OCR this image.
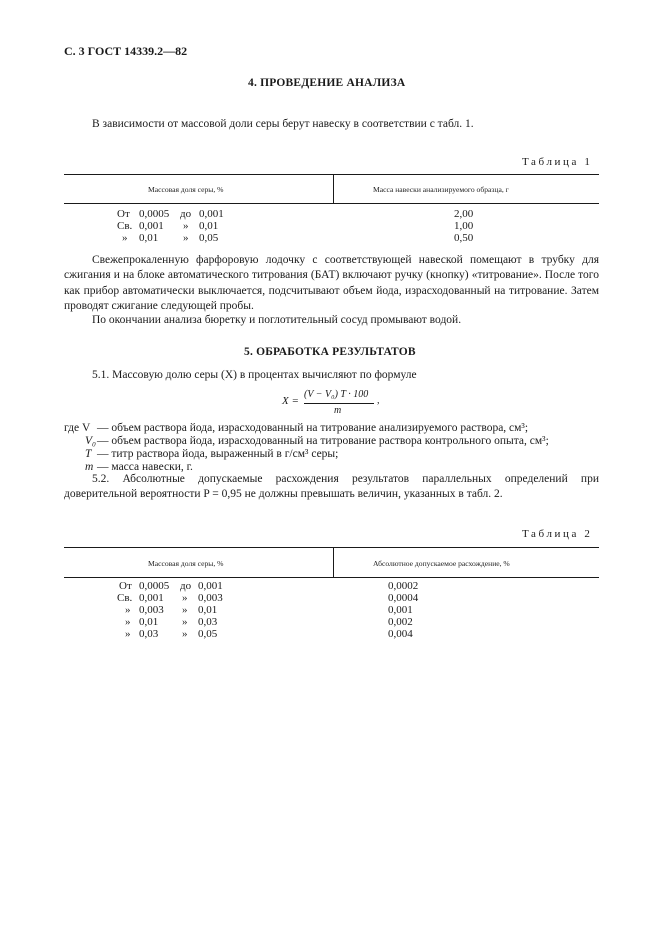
С. 3 ГОСТ 14339.2—82
4. ПРОВЕДЕНИЕ АНАЛИЗА
В зависимости от массовой доли серы берут навеску в соответствии с табл. 1.
Таблица 1
Массовая доля серы, %	Масса навески анализируемого образца, г
От 0,0005 до 0,001	2,00
Св. 0,001 » 0,01	1,00
» 0,01 » 0,05	0,50
Свежепрокаленную фарфоровую лодочку с соответствующей навеской помещают в трубку для сжигания и на блоке автоматического титрования (БАТ) включают ручку (кнопку) «титрование». После того как прибор автоматически выключается, подсчитывают объем йода, израсходованный на титрование. Затем проводят сжигание следующей пробы.
По окончании анализа бюретку и поглотительный сосуд промывают водой.
5. ОБРАБОТКА РЕЗУЛЬТАТОВ
5.1. Массовую долю серы (X) в процентах вычисляют по формуле
X =
(V − V₀) T · 100
m
,
где V — объем раствора йода, израсходованный на титрование анализируемого раствора, см³;
V₀ — объем раствора йода, израсходованный на титрование раствора контрольного опыта, см³;
T — титр раствора йода, выраженный в г/см³ серы;
m — масса навески, г.
5.2. Абсолютные допускаемые расхождения результатов параллельных определений при доверительной вероятности P = 0,95 не должны превышать величин, указанных в табл. 2.
Таблица 2
Массовая доля серы, %	Абсолютное допускаемое расхождение, %
От 0,0005 до 0,001	0,0002
Св. 0,001 » 0,003	0,0004
» 0,003 » 0,01	0,001
» 0,01 » 0,03	0,002
» 0,03 » 0,05	0,004
